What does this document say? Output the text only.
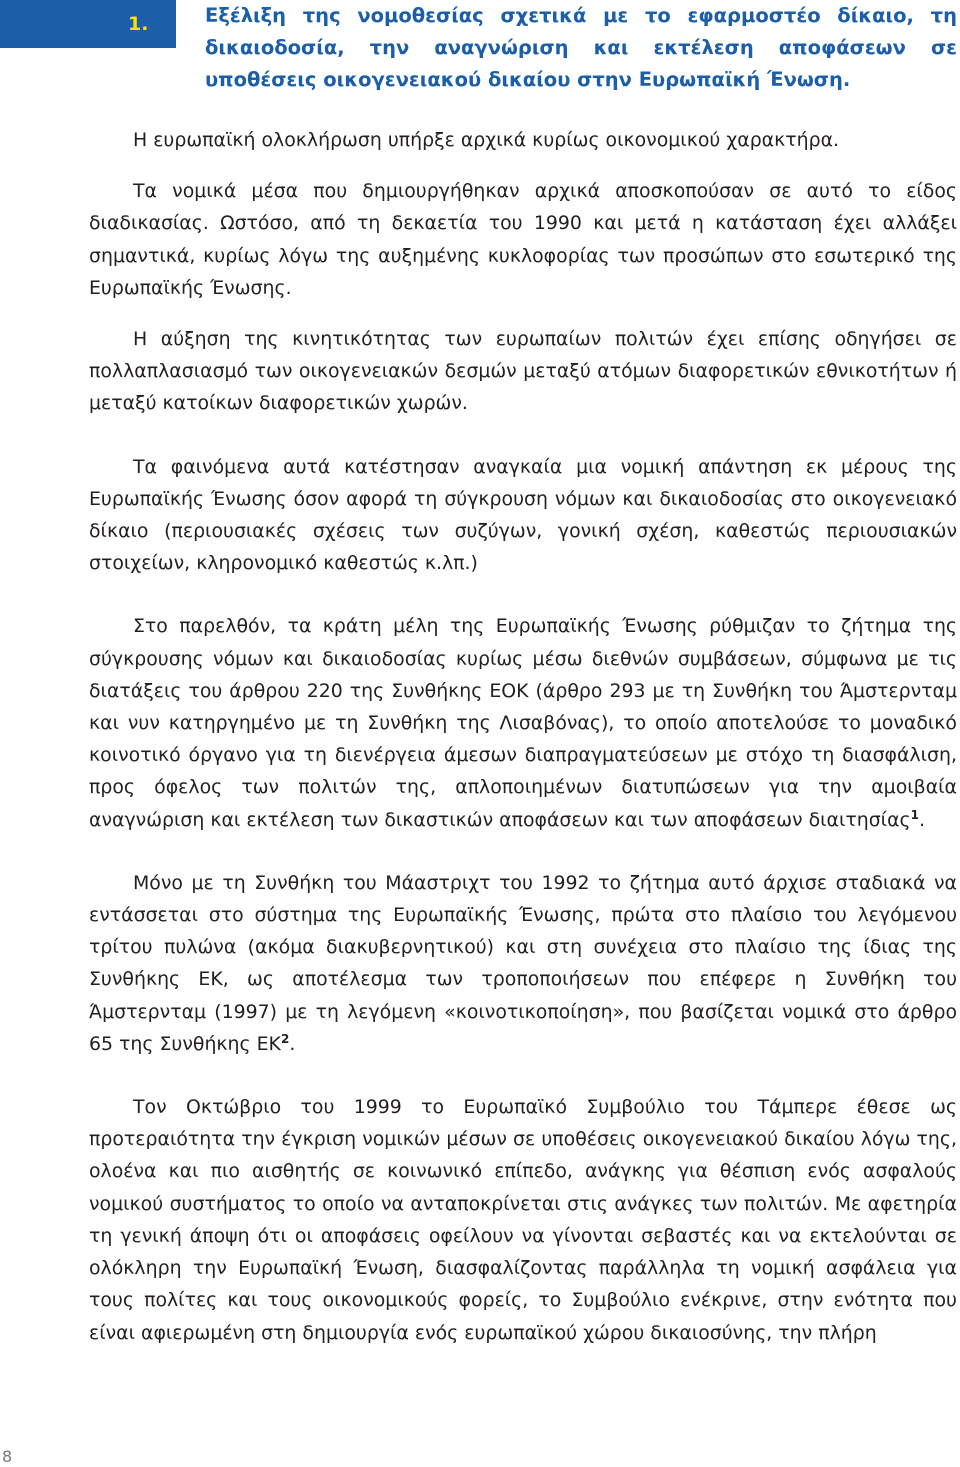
1.	Εξέλιξη της νομοθεσίας σχετικά με το εφαρμοστέο δίκαιο, τη δικαιοδοσία, την αναγνώριση και εκτέλεση αποφάσεων σε υποθέσεις οικογενειακού δικαίου στην Ευρωπαϊκή Ένωση.

Η ευρωπαϊκή ολοκλήρωση υπήρξε αρχικά κυρίως οικονομικού χαρακτήρα.

Τα νομικά μέσα που δημιουργήθηκαν αρχικά αποσκοπούσαν σε αυτό το είδος διαδικασίας. Ωστόσο, από τη δεκαετία του 1990 και μετά η κατάσταση έχει αλλάξει σημαντικά, κυρίως λόγω της αυξημένης κυκλοφορίας των προσώπων στο εσωτερικό της Ευρωπαϊκής Ένωσης.

Η αύξηση της κινητικότητας των ευρωπαίων πολιτών έχει επίσης οδηγήσει σε πολλαπλασιασμό των οικογενειακών δεσμών μεταξύ ατόμων διαφορετικών εθνικοτήτων ή μεταξύ κατοίκων διαφορετικών χωρών.

Τα φαινόμενα αυτά κατέστησαν αναγκαία μια νομική απάντηση εκ μέρους της Ευρωπαϊκής Ένωσης όσον αφορά τη σύγκρουση νόμων και δικαιοδοσίας στο οικογενειακό δίκαιο (περιουσιακές σχέσεις των συζύγων, γονική σχέση, καθεστώς περιουσιακών στοιχείων, κληρονομικό καθεστώς κ.λπ.)

Στο παρελθόν, τα κράτη μέλη της Ευρωπαϊκής Ένωσης ρύθμιζαν το ζήτημα της σύγκρουσης νόμων και δικαιοδοσίας κυρίως μέσω διεθνών συμβάσεων, σύμφωνα με τις διατάξεις του άρθρου 220 της Συνθήκης ΕΟΚ (άρθρο 293 με τη Συνθήκη του Άμστερνταμ και νυν κατηργημένο με τη Συνθήκη της Λισαβόνας), το οποίο αποτελούσε το μοναδικό κοινοτικό όργανο για τη διενέργεια άμεσων διαπραγματεύσεων με στόχο τη διασφάλιση, προς όφελος των πολιτών της, απλοποιημένων διατυπώσεων για την αμοιβαία αναγνώριση και εκτέλεση των δικαστικών αποφάσεων και των αποφάσεων διαιτησίας$^1$.

Μόνο με τη Συνθήκη του Μάαστριχτ του 1992 το ζήτημα αυτό άρχισε σταδιακά να εντάσσεται στο σύστημα της Ευρωπαϊκής Ένωσης, πρώτα στο πλαίσιο του λεγόμενου τρίτου πυλώνα (ακόμα διακυβερνητικού) και στη συνέχεια στο πλαίσιο της ίδιας της Συνθήκης ΕΚ, ως αποτέλεσμα των τροποποιήσεων που επέφερε η Συνθήκη του Άμστερνταμ (1997) με τη λεγόμενη «κοινοτικοποίηση», που βασίζεται νομικά στο άρθρο 65 της Συνθήκης $EK^2$.

Τον Οκτώβριο του 1999 το Ευρωπαϊκό Συμβούλιο του Τάμπερε έθεσε ως προτεραιότητα την έγκριση νομικών μέσων σε υποθέσεις οικογενειακού δικαίου λόγω της, ολοένα και πιο αισθητής σε κοινωνικό επίπεδο, ανάγκης για θέσπιση ενός ασφαλούς νομικού συστήματος το οποίο να ανταποκρίνεται στις ανάγκες των πολιτών. Με αφετηρία τη γενική άποψη ότι οι αποφάσεις οφείλουν να γίνονται σεβαστές και να εκτελούνται σε ολόκληρη την Ευρωπαϊκή Ένωση, διασφαλίζοντας παράλληλα τη νομική ασφάλεια για τους πολίτες και τους οικονομικούς φορείς, το Συμβούλιο ενέκρινε, στην ενότητα που είναι αφιερωμένη στη δημιουργία ενός ευρωπαϊκού χώρου δικαιοσύνης, την πλήρη

8
